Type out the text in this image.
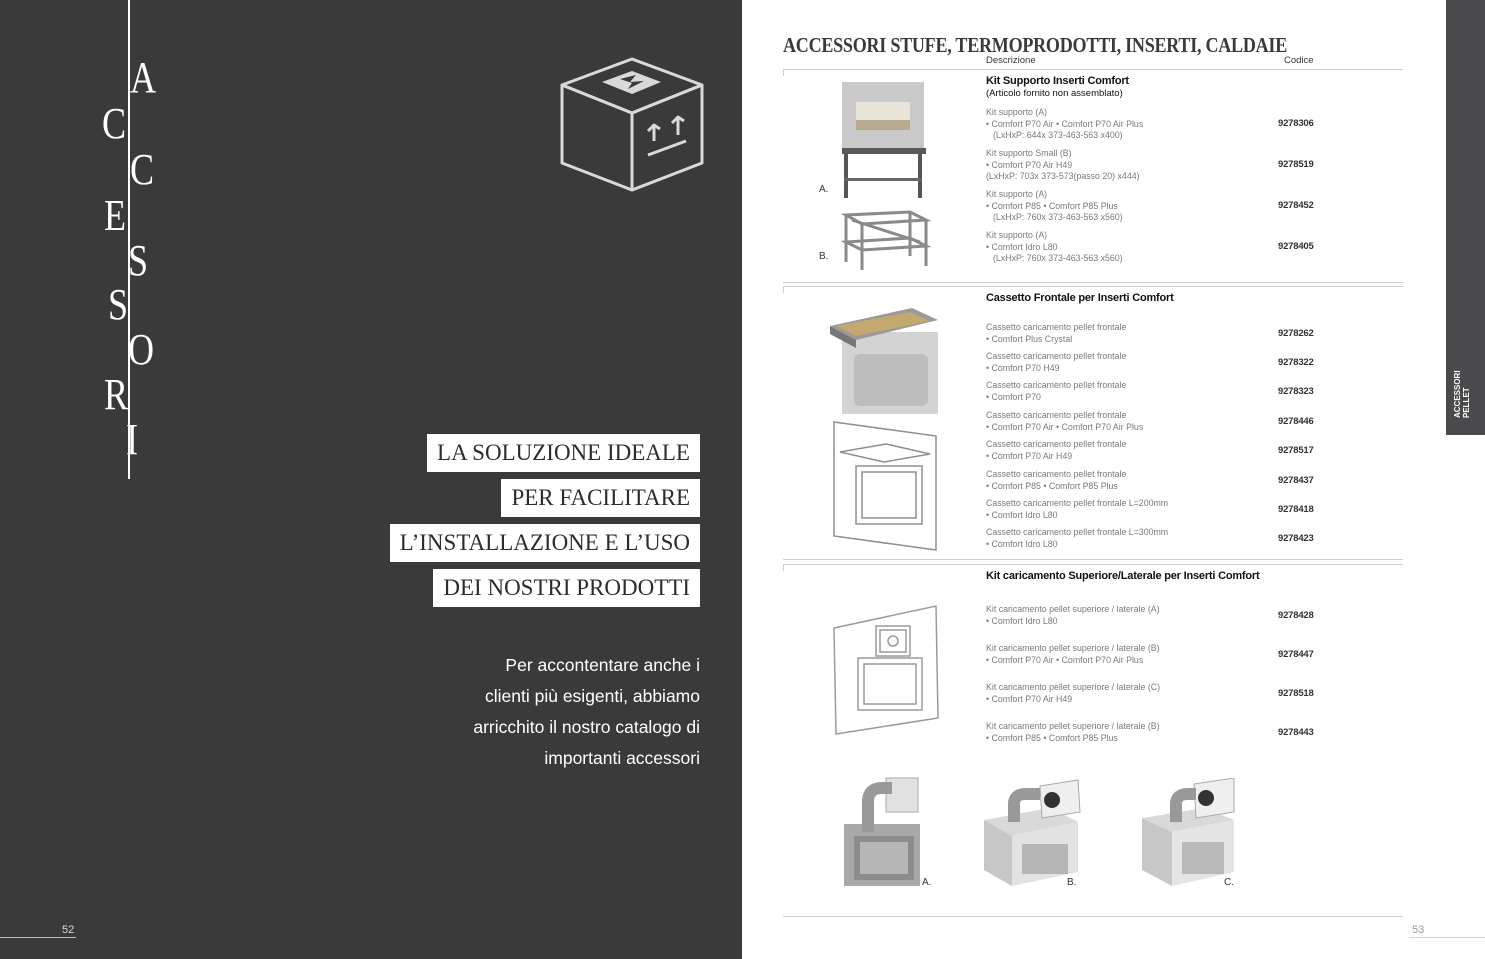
A
C
C
E
S
S
O
R
I	LA SOLUZIONE IDEALE
PER FACILITARE
L’INSTALLAZIONE E L’USO
DEI NOSTRI PRODOTTI
Per accontentare anche i
clienti più esigenti, abbiamo
arricchito il nostro catalogo di
importanti accessori
52
ACCESSORI STUFE, TERMOPRODOTTI, INSERTI, CALDAIE
Descrizione	Codice
ACCESSORI PELLET
Kit Supporto Inserti Comfort
(Articolo fornito non assemblato)
A.
B.
Kit supporto (A)
• Comfort P70 Air • Comfort P70 Air Plus
(LxHxP: 644x 373-463-563 x400)
9278306
Kit supporto Small (B)
• Comfort P70 Air H49
(LxHxP: 703x 373-573(passo 20) x444)
9278519
Kit supporto (A)
• Comfort P85 • Comfort P85 Plus
(LxHxP: 760x 373-463-563 x560)
9278452
Kit supporto (A)
• Comfort Idro L80
(LxHxP: 760x 373-463-563 x560)
9278405
Cassetto Frontale per Inserti Comfort
Cassetto caricamento pellet frontale
• Comfort Plus Crystal	9278262
Cassetto caricamento pellet frontale
• Comfort P70 H49	9278322
Cassetto caricamento pellet frontale
• Comfort P70	9278323
Cassetto caricamento pellet frontale
• Comfort P70 Air • Comfort P70 Air Plus	9278446
Cassetto caricamento pellet frontale
• Comfort P70 Air H49	9278517
Cassetto caricamento pellet frontale
• Comfort P85 • Comfort P85 Plus	9278437
Cassetto caricamento pellet frontale L=200mm
• Comfort Idro L80	9278418
Cassetto caricamento pellet frontale L=300mm
• Comfort Idro L80	9278423
Kit caricamento Superiore/Laterale per Inserti Comfort
Kit caricamento pellet superiore / laterale (A)
• Comfort Idro L80	9278428
Kit caricamento pellet superiore / laterale (B)
• Comfort P70 Air • Comfort P70 Air Plus	9278447
Kit caricamento pellet superiore / laterale (C)
• Comfort P70 Air H49	9278518
Kit caricamento pellet superiore / laterale (B)
• Comfort P85 • Comfort P85 Plus	9278443
A.	B.	C.
53
